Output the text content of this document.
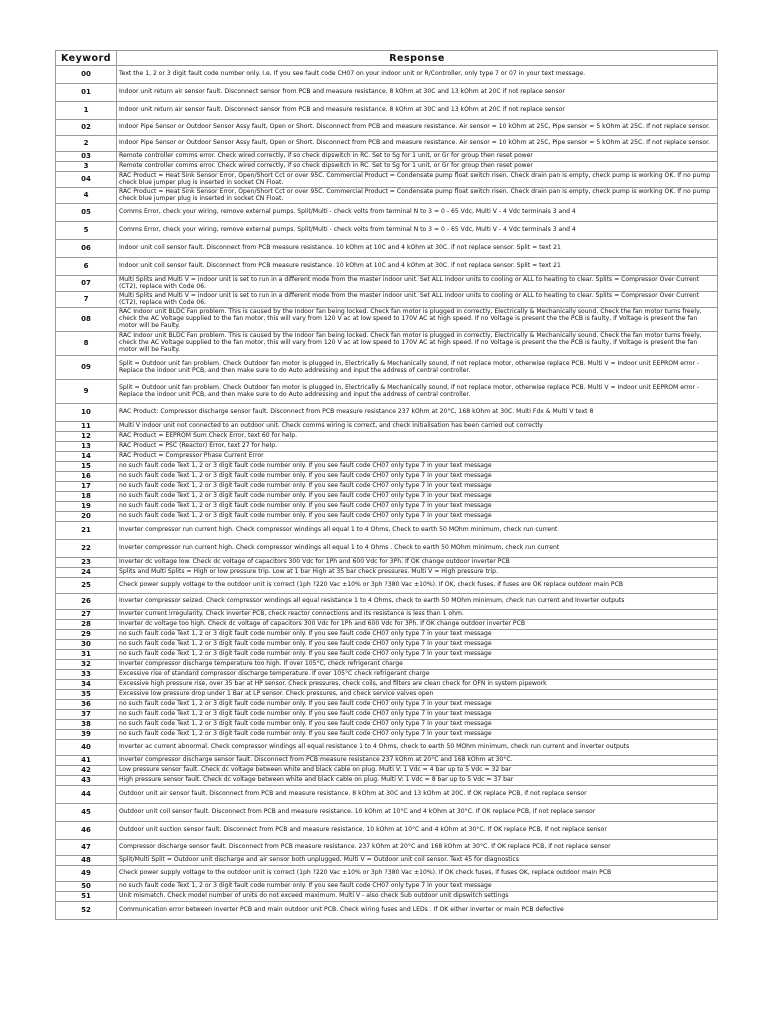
Keyword	Response
00	Text the 1, 2 or 3 digit fault code number only. I.e. If you see fault code CH07 on your indoor unit or R/Controller, only type 7 or 07 in your text message.
01	Indoor unit return air sensor fault. Disconnect sensor from PCB and measure resistance. 8 kOhm at 30C and 13 kOhm at 20C if not replace sensor
1	Indoor unit return air sensor fault. Disconnect sensor from PCB and measure resistance. 8 kOhm at 30C and 13 kOhm at 20C if not replace sensor
02	Indoor Pipe Sensor or Outdoor Sensor Assy fault, Open or Short. Disconnect from PCB and measure resistance. Air sensor = 10 kOhm at 25C, Pipe sensor = 5 kOhm at 25C. If not replace sensor.
2	Indoor Pipe Sensor or Outdoor Sensor Assy fault, Open or Short. Disconnect from PCB and measure resistance. Air sensor = 10 kOhm at 25C, Pipe sensor = 5 kOhm at 25C. If not replace sensor.
03	Remote controller comms error. Check wired correctly, if so check dipswitch in RC. Set to Sg for 1 unit, or Gr for group then reset power
3	Remote controller comms error. Check wired correctly, if so check dipswitch in RC. Set to Sg for 1 unit, or Gr for group then reset power
04	RAC Product = Heat Sink Sensor Error, Open/Short Cct or over 95C. Commercial Product = Condensate pump float switch risen. Check drain pan is empty, check pump is working OK. If no pump check blue jumper plug is inserted in socket CN Float.
4	RAC Product = Heat Sink Sensor Error, Open/Short Cct or over 95C. Commercial Product = Condensate pump float switch risen. Check drain pan is empty, check pump is working OK. If no pump check blue jumper plug is inserted in socket CN Float.
05	Comms Error, check your wiring, remove external pumps. Split/Multi - check volts from terminal N to 3 = 0 - 65 Vdc, Multi V - 4 Vdc terminals 3 and 4
5	Comms Error, check your wiring, remove external pumps. Split/Multi - check volts from terminal N to 3 = 0 - 65 Vdc, Multi V - 4 Vdc terminals 3 and 4
06	Indoor unit coil sensor fault. Disconnect from PCB measure resistance. 10 kOhm at 10C and 4 kOhm at 30C. if not replace sensor. Split = text 21
6	Indoor unit coil sensor fault. Disconnect from PCB measure resistance. 10 kOhm at 10C and 4 kOhm at 30C. if not replace sensor. Split = text 21
07	Multi Splits and Multi V = indoor unit is set to run in a different mode from the master indoor unit. Set ALL indoor units to cooling or ALL to heating to clear. Splits = Compressor Over Current (CT2), replace with Code 06.
7	Multi Splits and Multi V = indoor unit is set to run in a different mode from the master indoor unit. Set ALL indoor units to cooling or ALL to heating to clear. Splits = Compressor Over Current (CT2), replace with Code 06.
08	RAC Indoor unit BLDC Fan problem. This is caused by the Indoor fan being locked. Check fan motor is plugged in correctly, Electrically & Mechanically sound. Check the fan motor turns freely, check the AC Voltage supplied to the fan motor, this will vary from 120 V ac at low speed to 170V AC at high speed. If no Voltage is present the the PCB is faulty, if Voltage is present the fan motor will be Faulty.
8	RAC Indoor unit BLDC Fan problem. This is caused by the Indoor fan being locked. Check fan motor is plugged in correctly, Electrically & Mechanically sound. Check the fan motor turns freely, check the AC Voltage supplied to the fan motor, this will vary from 120 V ac at low speed to 170V AC at high speed. If no Voltage is present the the PCB is faulty, if Voltage is present the fan motor will be Faulty.
09	Split = Outdoor unit fan problem. Check Outdoor fan motor is plugged in, Electrically & Mechanically sound, if not replace motor, otherwise replace PCB. Multi V = Indoor unit EEPROM error - Replace the indoor unit PCB, and then make sure to do Auto addressing and input the address of central controller.
9	Split = Outdoor unit fan problem. Check Outdoor fan motor is plugged in, Electrically & Mechanically sound, if not replace motor, otherwise replace PCB. Multi V = Indoor unit EEPROM error - Replace the indoor unit PCB, and then make sure to do Auto addressing and input the address of central controller.
10	RAC Product: Compressor discharge sensor fault. Disconnect from PCB measure resistance 237 kOhm at 20°C, 168 kOhm at 30C. Multi Fdx & Multi V text 8
11	Multi V indoor unit not connected to an outdoor unit. Check comms wiring is correct, and check initialisation has been carried out correctly
12	RAC Product = EEPROM Sum Check Error, text 60 for help.
13	RAC Product = PSC (Reactor) Error, text 27 for help.
14	RAC Product = Compressor Phase Current Error
15	no such fault code Text 1, 2 or 3 digit fault code number only. If you see fault code CH07 only type 7 in your text message
16	no such fault code Text 1, 2 or 3 digit fault code number only. If you see fault code CH07 only type 7 in your text message
17	no such fault code Text 1, 2 or 3 digit fault code number only. If you see fault code CH07 only type 7 in your text message
18	no such fault code Text 1, 2 or 3 digit fault code number only. If you see fault code CH07 only type 7 in your text message
19	no such fault code Text 1, 2 or 3 digit fault code number only. If you see fault code CH07 only type 7 in your text message
20	no such fault code Text 1, 2 or 3 digit fault code number only. If you see fault code CH07 only type 7 in your text message
21	Inverter compressor run current high. Check compressor windings all equal 1 to 4 Ohms, Check to earth 50 MOhm minimum, check run current
22	Inverter compressor run current high. Check compressor windings all equal 1 to 4 Ohms . Check to earth 50 MOhm minimum, check run current
23	Inverter dc voltage low. Check dc voltage of capacitors 300 Vdc for 1Ph and 600 Vdc for 3Ph. If OK change outdoor inverter PCB
24	Splits and Multi Splits = High or low pressure trip. Low at 1 bar High at 35 bar check pressures. Multi V = High pressure trip.
25	Check power supply voltage to the outdoor unit is correct (1ph ?220 Vac ±10% or 3ph ?380 Vac ±10%). If OK, check fuses, if fuses are OK replace outdoor main PCB
26	Inverter compressor seized. Check compressor windings all equal resistance 1 to 4 Ohms, check to earth 50 MOhm minimum, check run current and Inverter outputs
27	Inverter current irregularity. Check inverter PCB, check reactor connections and its resistance is less than 1 ohm.
28	Inverter dc voltage too high. Check dc voltage of capacitors 300 Vdc for 1Ph and 600 Vdc for 3Ph. If OK change outdoor inverter PCB
29	no such fault code Text 1, 2 or 3 digit fault code number only. If you see fault code CH07 only type 7 in your text message
30	no such fault code Text 1, 2 or 3 digit fault code number only. If you see fault code CH07 only type 7 in your text message
31	no such fault code Text 1, 2 or 3 digit fault code number only. If you see fault code CH07 only type 7 in your text message
32	Inverter compressor discharge temperature too high. If over 105°C, check refrigerant charge
33	Excessive rise of standard compressor discharge temperature. If over 105°C check refrigerant charge
34	Excessive high pressure rise, over 35 bar at HP sensor. Check pressures, check coils, and filters are clean check for OFN in system pipework
35	Excessive low pressure drop under 1 Bar at LP sensor. Check pressures, and check service valves open
36	no such fault code Text 1, 2 or 3 digit fault code number only. If you see fault code CH07 only type 7 in your text message
37	no such fault code Text 1, 2 or 3 digit fault code number only. If you see fault code CH07 only type 7 in your text message
38	no such fault code Text 1, 2 or 3 digit fault code number only. If you see fault code CH07 only type 7 in your text message
39	no such fault code Text 1, 2 or 3 digit fault code number only. If you see fault code CH07 only type 7 in your text message
40	Inverter ac current abnormal. Check compressor windings all equal resistance 1 to 4 Ohms, check to earth 50 MOhm minimum, check run current and inverter outputs
41	Inverter compressor discharge sensor fault. Disconnect from PCB measure resistance 237 kOhm at 20°C and 168 kOhm at 30°C.
42	Low pressure sensor fault. Check dc voltage between white and black cable on plug. Multi V: 1 Vdc = 4 bar up to 5 Vdc = 32 bar
43	High pressure sensor fault. Check dc voltage between white and black cable on plug. Multi V: 1 Vdc = 8 bar up to 5 Vdc = 37 bar
44	Outdoor unit air sensor fault. Disconnect from PCB and measure resistance. 8 kOhm at 30C and 13 kOhm at 20C. If OK replace PCB, if not replace sensor
45	Outdoor unit coil sensor fault. Disconnect from PCB and measure resistance. 10 kOhm at 10°C and 4 kOhm at 30°C. If OK replace PCB, if not replace sensor
46	Outdoor unit suction sensor fault. Disconnect from PCB and measure resistance. 10 kOhm at 10°C and 4 kOhm at 30°C. If OK replace PCB, if not replace sensor
47	Compressor discharge sensor fault. Disconnect from PCB measure resistance. 237 kOhm at 20°C and 168 kOhm at 30°C. If OK replace PCB, if not replace sensor
48	Split/Multi Split = Outdoor unit discharge and air sensor both unplugged. Multi V = Outdoor unit coil sensor. Text 45 for diagnostics
49	Check power supply voltage to the outdoor unit is correct (1ph ?220 Vac ±10% or 3ph ?380 Vac ±10%). If OK check fuses, if fuses OK, replace outdoor main PCB
50	no such fault code Text 1, 2 or 3 digit fault code number only. If you see fault code CH07 only type 7 in your text message
51	Unit mismatch. Check model number of units do not exceed maximum. Multi V - also check Sub outdoor unit dipswitch settings
52	Communication error between inverter PCB and main outdoor unit PCB. Check wiring fuses and LEDs . If OK either inverter or main PCB defective
